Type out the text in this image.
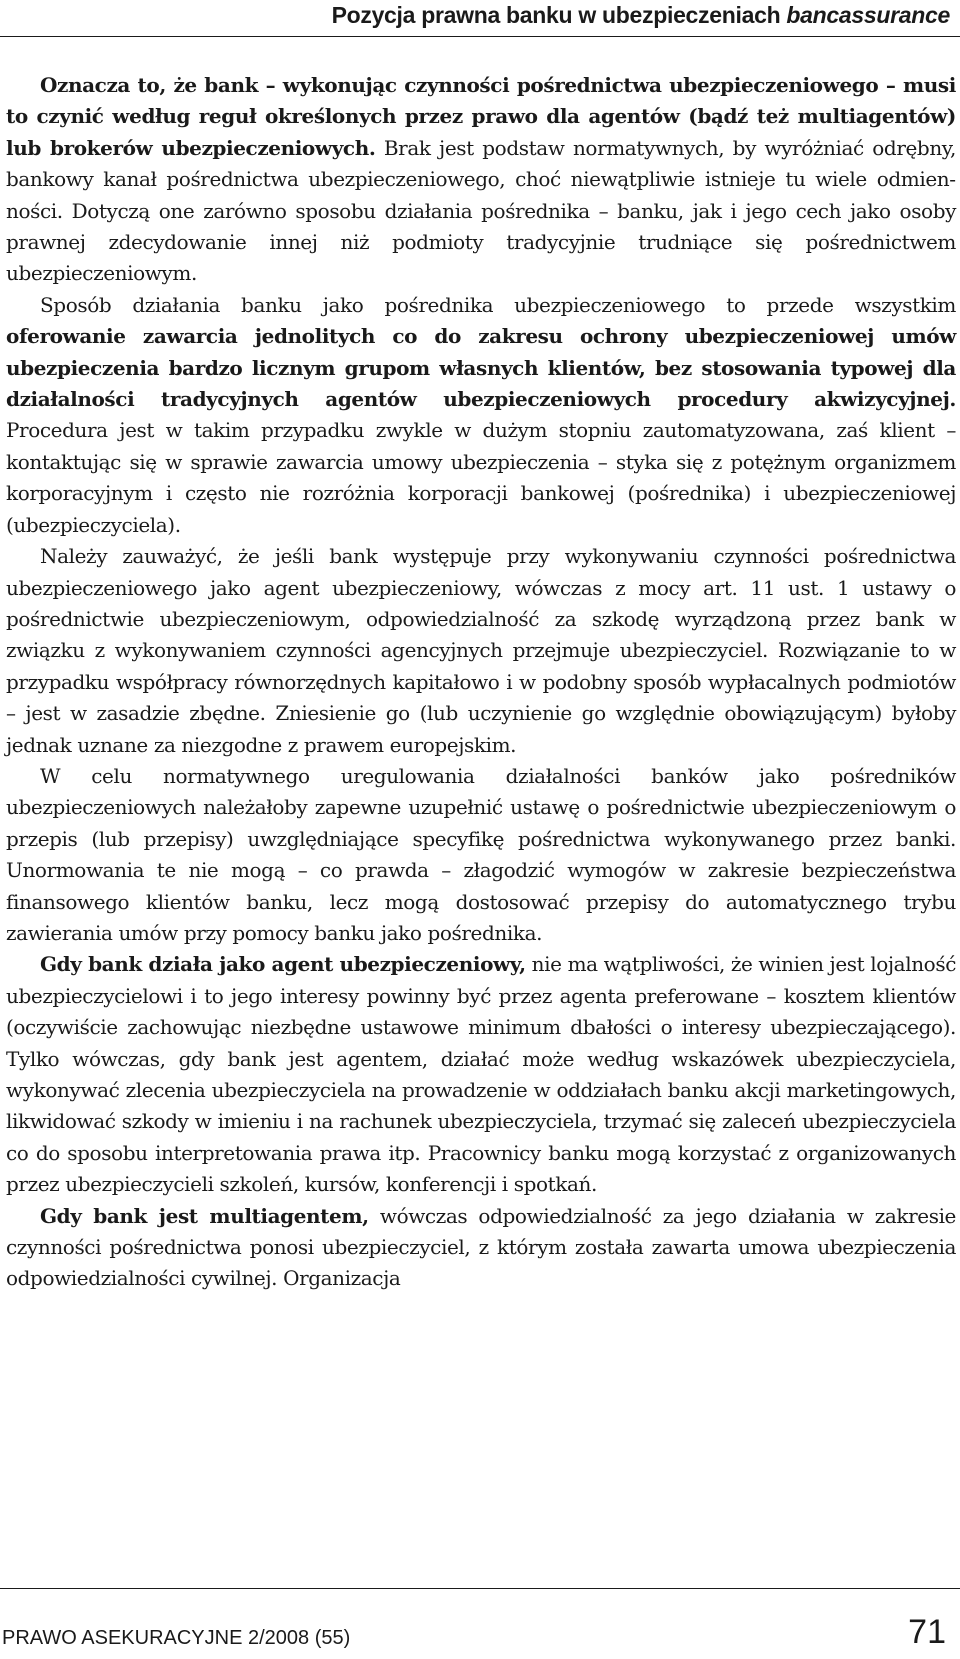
Pozycja prawna banku w ubezpieczeniach bancassurance

Oznacza to, że bank – wykonując czynności pośrednictwa ubezpieczeniowego – musi to czynić według reguł określonych przez prawo dla agentów (bądź też multiagentów) lub brokerów ubezpieczeniowych. Brak jest podstaw normatywnych, by wyróżniać odrębny, bankowy kanał pośrednictwa ubezpieczeniowego, choć niewątpliwie istnieje tu wiele odmienności. Dotyczą one zarówno sposobu działania pośrednika – banku, jak i jego cech jako osoby prawnej zdecydowanie innej niż podmioty tradycyjnie trudniące się pośrednictwem ubezpieczeniowym.

Sposób działania banku jako pośrednika ubezpieczeniowego to przede wszystkim oferowanie zawarcia jednolitych co do zakresu ochrony ubezpieczeniowej umów ubezpieczenia bardzo licznym grupom własnych klientów, bez stosowania typowej dla działalności tradycyjnych agentów ubezpieczeniowych procedury akwizycyjnej. Procedura jest w takim przypadku zwykle w dużym stopniu zautomatyzowana, zaś klient – kontaktując się w sprawie zawarcia umowy ubezpieczenia – styka się z potężnym organizmem korporacyjnym i często nie rozróżnia korporacji bankowej (pośrednika) i ubezpieczeniowej (ubezpieczyciela).

Należy zauważyć, że jeśli bank występuje przy wykonywaniu czynności pośrednictwa ubezpieczeniowego jako agent ubezpieczeniowy, wówczas z mocy art. 11 ust. 1 ustawy o pośrednictwie ubezpieczeniowym, odpowiedzialność za szkodę wyrządzoną przez bank w związku z wykonywaniem czynności agencyjnych przejmuje ubezpieczyciel. Rozwiązanie to w przypadku współpracy równorzędnych kapitałowo i w podobny sposób wypłacalnych podmiotów – jest w zasadzie zbędne. Zniesienie go (lub uczynienie go względnie obowiązującym) byłoby jednak uznane za niezgodne z prawem europejskim.

W celu normatywnego uregulowania działalności banków jako pośredników ubezpieczeniowych należałoby zapewne uzupełnić ustawę o pośrednictwie ubezpieczeniowym o przepis (lub przepisy) uwzględniające specyfikę pośrednictwa wykonywanego przez banki. Unormowania te nie mogą – co prawda – złagodzić wymogów w zakresie bezpieczeństwa finansowego klientów banku, lecz mogą dostosować przepisy do automatycznego trybu zawierania umów przy pomocy banku jako pośrednika.

Gdy bank działa jako agent ubezpieczeniowy, nie ma wątpliwości, że winien jest lojalność ubezpieczycielowi i to jego interesy powinny być przez agenta preferowane – kosztem klientów (oczywiście zachowując niezbędne ustawowe minimum dbałości o interesy ubezpieczającego). Tylko wówczas, gdy bank jest agentem, działać może według wskazówek ubezpieczyciela, wykonywać zlecenia ubezpieczyciela na prowadzenie w oddziałach banku akcji marketingowych, likwidować szkody w imieniu i na rachunek ubezpieczyciela, trzymać się zaleceń ubezpieczyciela co do sposobu interpretowania prawa itp. Pracownicy banku mogą korzystać z organizowanych przez ubezpieczycieli szkoleń, kursów, konferencji i spotkań.

Gdy bank jest multiagentem, wówczas odpowiedzialność za jego działania w zakresie czynności pośrednictwa ponosi ubezpieczyciel, z którym została zawarta umowa ubezpieczenia odpowiedzialności cywilnej. Organizacja

PRAWO ASEKURACYJNE 2/2008 (55)	71
